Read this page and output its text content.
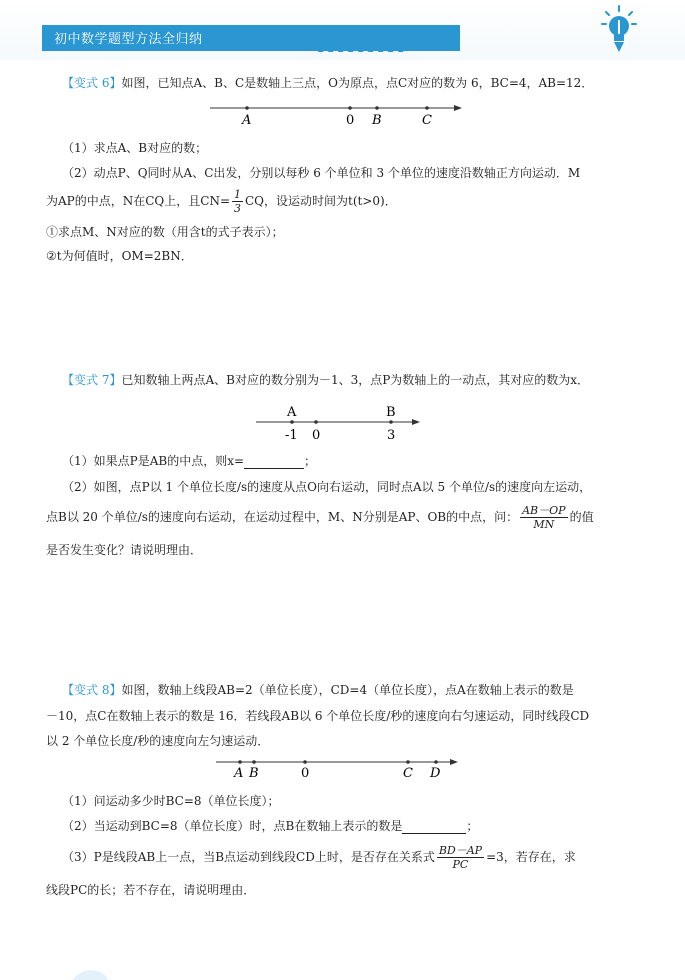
初中数学题型方法全归纳
【变式 6】如图，已知点A、B、C是数轴上三点，O为原点，点C对应的数为 6，BC=4，AB=12．
A	0 B	C
（1）求点A、B对应的数；
（2）动点P、Q同时从A、C出发，分别以每秒 6 个单位和 3 个单位的速度沿数轴正方向运动．M
为AP的中点，N在CQ上，且$CN= \frac{1}{3}$ CQ，设运动时间为t(t>0)．
①求点M、N对应的数（用含t的式子表示）；
②t为何值时，OM=2BN．
【变式 7】已知数轴上两点A、B对应的数分别为－1、3，点P为数轴上的一动点，其对应的数为x．
A	B
-1 0	3
（1）如果点P是AB的中点，则x=	；
（2）如图，点P以 1 个单位长度/s的速度从点O向右运动，同时点A以 5 个单位/s的速度向左运动，
点B以 20 个单位/s的速度向右运动，在运动过程中，M、N分别是AP、OB的中点，问： $\frac{AB-OP}{MN}$ 的值
是否发生变化？请说明理由．
【变式 8】如图，数轴上线段AB=2（单位长度），CD=4（单位长度），点A在数轴上表示的数是
－10，点C在数轴上表示的数是 16．若线段AB以 6 个单位长度/秒的速度向右匀速运动，同时线段CD
以 2 个单位长度/秒的速度向左匀速运动．
A B	0	C D
（1）问运动多少时BC=8（单位长度）；
（2）当运动到BC=8（单位长度）时，点B在数轴上表示的数是	；
（3）P是线段AB上一点，当B点运动到线段CD上时，是否存在关系式 $\frac{BD-AP}{PC} =3$，若存在，求
线段PC的长；若不存在，请说明理由．
